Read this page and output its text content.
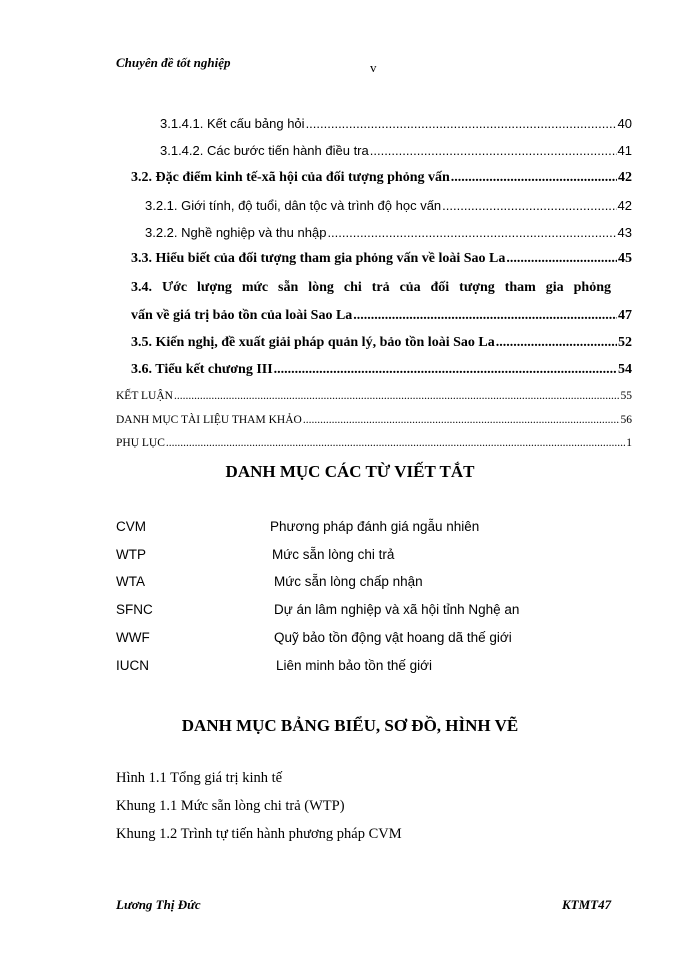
Chuyên đề tốt nghiệp	v
3.1.4.1. Kết cấu bảng hỏi .....	40
3.1.4.2. Các bước tiến hành điều tra .....	41
3.2. Đặc điểm kinh tế-xã hội của đối tượng phỏng vấn .....	42
3.2.1. Giới tính, độ tuổi, dân tộc và trình độ học vấn .....	42
3.2.2. Nghề nghiệp và thu nhập .....	43
3.3. Hiểu biết của đối tượng tham gia phỏng vấn về loài Sao La .....	45
3.4. Ước lượng mức sẵn lòng chi trả của đối tượng tham gia phỏng
vấn về giá trị bảo tồn của loài Sao La .....	47
3.5. Kiến nghị, đề xuất giải pháp quản lý, bảo tồn loài Sao La .....	52
3.6. Tiểu kết chương III .....	54
KẾT LUẬN .....	55
DANH MỤC TÀI LIỆU THAM KHẢO .....	56
PHỤ LỤC .....	1
DANH MỤC CÁC TỪ VIẾT TẮT
CVM	Phương pháp đánh giá ngẫu nhiên
WTP	Mức sẵn lòng chi trả
WTA	Mức sẵn lòng chấp nhận
SFNC	Dự án lâm nghiệp và xã hội tỉnh Nghệ an
WWF	Quỹ bảo tồn động vật hoang dã thế giới
IUCN	Liên minh bảo tồn thế giới
DANH MỤC BẢNG BIỂU, SƠ ĐỒ, HÌNH VẼ
Hình 1.1 Tổng giá trị kinh tế
Khung 1.1 Mức sẵn lòng chi trả (WTP)
Khung 1.2 Trình tự tiến hành phương pháp CVM
Lương Thị Đức	KTMT47
